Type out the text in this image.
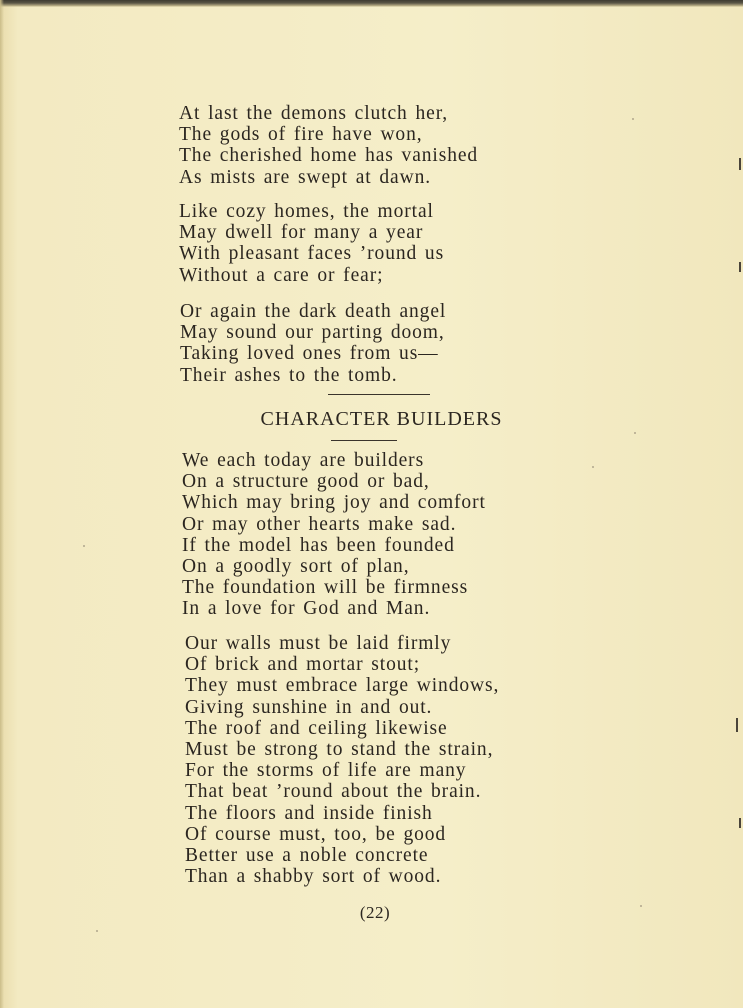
At last the demons clutch her,
The gods of fire have won,
The cherished home has vanished
As mists are swept at dawn.
Like cozy homes, the mortal
May dwell for many a year
With pleasant faces ’round us
Without a care or fear;
Or again the dark death angel
May sound our parting doom,
Taking loved ones from us—
Their ashes to the tomb.
CHARACTER BUILDERS
We each today are builders
On a structure good or bad,
Which may bring joy and comfort
Or may other hearts make sad.
If the model has been founded
On a goodly sort of plan,
The foundation will be firmness
In a love for God and Man.
Our walls must be laid firmly
Of brick and mortar stout;
They must embrace large windows,
Giving sunshine in and out.
The roof and ceiling likewise
Must be strong to stand the strain,
For the storms of life are many
That beat ’round about the brain.
The floors and inside finish
Of course must, too, be good
Better use a noble concrete
Than a shabby sort of wood.
(22)
